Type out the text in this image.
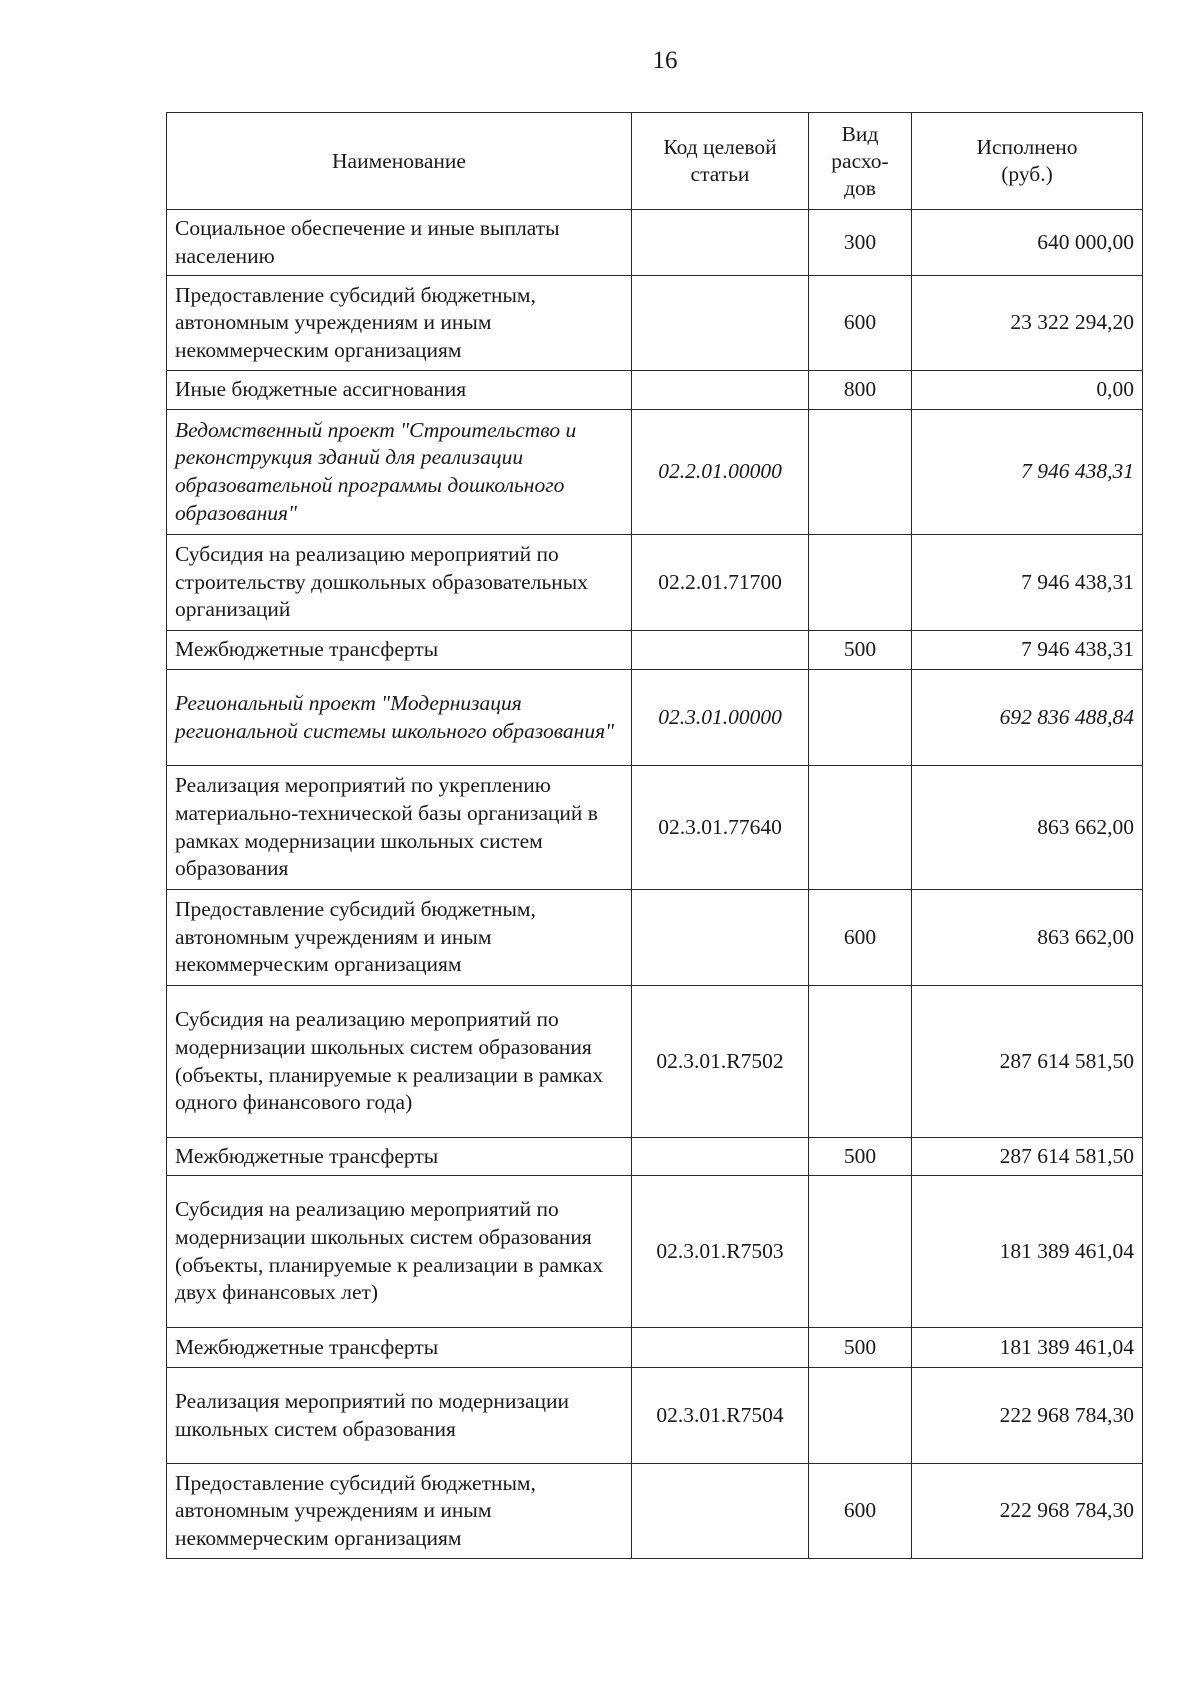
16
Наименование	Код целевой статьи	Вид расхо- дов	Исполнено (руб.)
Социальное обеспечение и иные выплаты населению		300	640 000,00
Предоставление субсидий бюджетным, автономным учреждениям и иным некоммерческим организациям		600	23 322 294,20
Иные бюджетные ассигнования		800	0,00
Ведомственный проект "Строительство и реконструкция зданий для реализации образовательной программы дошкольного образования"	02.2.01.00000		7 946 438,31
Субсидия на реализацию мероприятий по строительству дошкольных образовательных организаций	02.2.01.71700		7 946 438,31
Межбюджетные трансферты		500	7 946 438,31
Региональный проект "Модернизация региональной системы школьного образования"	02.3.01.00000		692 836 488,84
Реализация мероприятий по укреплению материально-технической базы организаций в рамках модернизации школьных систем образования	02.3.01.77640		863 662,00
Предоставление субсидий бюджетным, автономным учреждениям и иным некоммерческим организациям		600	863 662,00
Субсидия на реализацию мероприятий по модернизации школьных систем образования (объекты, планируемые к реализации в рамках одного финансового года)	02.3.01.R7502		287 614 581,50
Межбюджетные трансферты		500	287 614 581,50
Субсидия на реализацию мероприятий по модернизации школьных систем образования (объекты, планируемые к реализации в рамках двух финансовых лет)	02.3.01.R7503		181 389 461,04
Межбюджетные трансферты		500	181 389 461,04
Реализация мероприятий по модернизации школьных систем образования	02.3.01.R7504		222 968 784,30
Предоставление субсидий бюджетным, автономным учреждениям и иным некоммерческим организациям		600	222 968 784,30
